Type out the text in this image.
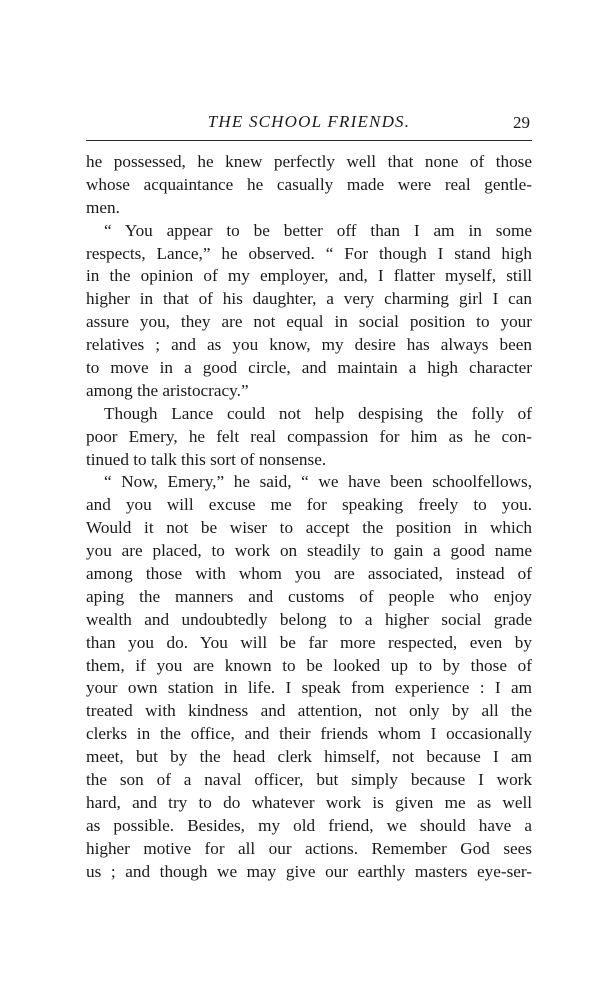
THE SCHOOL FRIENDS.	29
he possessed, he knew perfectly well that none of those
whose acquaintance he casually made were real gentle-
men.
“ You appear to be better off than I am in some
respects, Lance,” he observed. “ For though I stand high
in the opinion of my employer, and, I flatter myself, still
higher in that of his daughter, a very charming girl I can
assure you, they are not equal in social position to your
relatives ; and as you know, my desire has always been
to move in a good circle, and maintain a high character
among the aristocracy.”
Though Lance could not help despising the folly of
poor Emery, he felt real compassion for him as he con-
tinued to talk this sort of nonsense.
“ Now, Emery,” he said, “ we have been schoolfellows,
and you will excuse me for speaking freely to you.
Would it not be wiser to accept the position in which
you are placed, to work on steadily to gain a good name
among those with whom you are associated, instead of
aping the manners and customs of people who enjoy
wealth and undoubtedly belong to a higher social grade
than you do. You will be far more respected, even by
them, if you are known to be looked up to by those of
your own station in life. I speak from experience : I am
treated with kindness and attention, not only by all the
clerks in the office, and their friends whom I occasionally
meet, but by the head clerk himself, not because I am
the son of a naval officer, but simply because I work
hard, and try to do whatever work is given me as well
as possible. Besides, my old friend, we should have a
higher motive for all our actions. Remember God sees
us ; and though we may give our earthly masters eye-ser-
